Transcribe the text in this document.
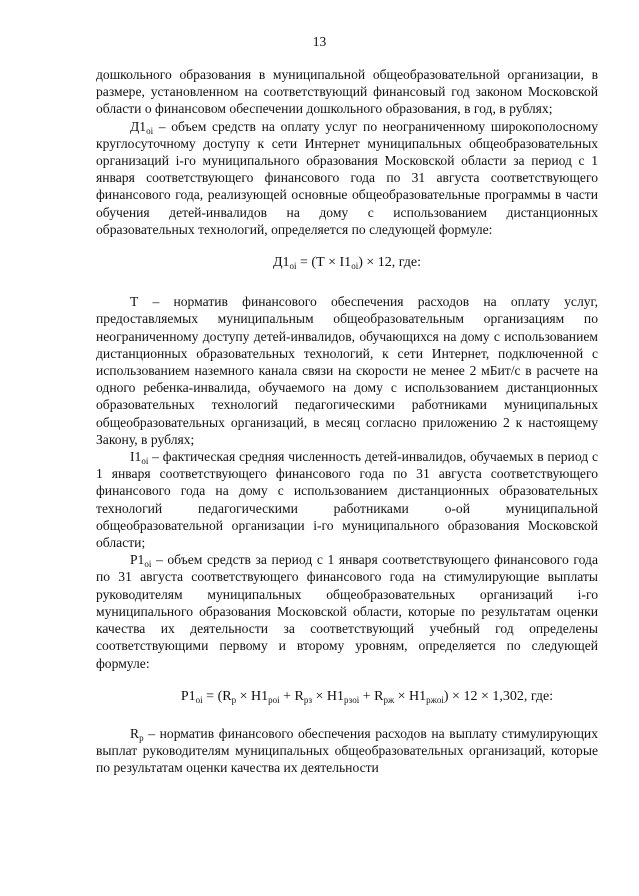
13

дошкольного образования в муниципальной общеобразовательной организации, в размере, установленном на соответствующий финансовый год законом Московской области о финансовом обеспечении дошкольного образования, в год, в рублях;

$Д1_{oi}$ – объем средств на оплату услуг по неограниченному широкополосному круглосуточному доступу к сети Интернет муниципальных общеобразовательных организаций i-го муниципального образования Московской области за период с 1 января соответствующего финансового года по 31 августа соответствующего финансового года, реализующей основные общеобразовательные программы в части обучения детей-инвалидов на дому с использованием дистанционных образовательных технологий, определяется по следующей формуле:

$Д1_{oi} = (Т \times I1_{oi}) \times 12$, где:

Т – норматив финансового обеспечения расходов на оплату услуг, предоставляемых муниципальным общеобразовательным организациям по неограниченному доступу детей-инвалидов, обучающихся на дому с использованием дистанционных образовательных технологий, к сети Интернет, подключенной с использованием наземного канала связи на скорости не менее 2 мБит/с в расчете на одного ребенка-инвалида, обучаемого на дому с использованием дистанционных образовательных технологий педагогическими работниками муниципальных общеобразовательных организаций, в месяц согласно приложению 2 к настоящему Закону, в рублях;

$I1_{oi}$ – фактическая средняя численность детей-инвалидов, обучаемых в период с 1 января соответствующего финансового года по 31 августа соответствующего финансового года на дому с использованием дистанционных образовательных технологий педагогическими работниками о-ой муниципальной общеобразовательной организации i-го муниципального образования Московской области;

$Р1_{oi}$ – объем средств за период с 1 января соответствующего финансового года по 31 августа соответствующего финансового года на стимулирующие выплаты руководителям муниципальных общеобразовательных организаций i-го муниципального образования Московской области, которые по результатам оценки качества их деятельности за соответствующий учебный год определены соответствующими первому и второму уровням, определяется по следующей формуле:

$Р1_{oi} = (R_р \times Н1_{рoi} + R_{рз} \times Н1_{рзoi} + R_{рж} \times Н1_{ржoi}) \times 12 \times 1,302$, где:

$R_р$ – норматив финансового обеспечения расходов на выплату стимулирующих выплат руководителям муниципальных общеобразовательных организаций, которые по результатам оценки качества их деятельности
